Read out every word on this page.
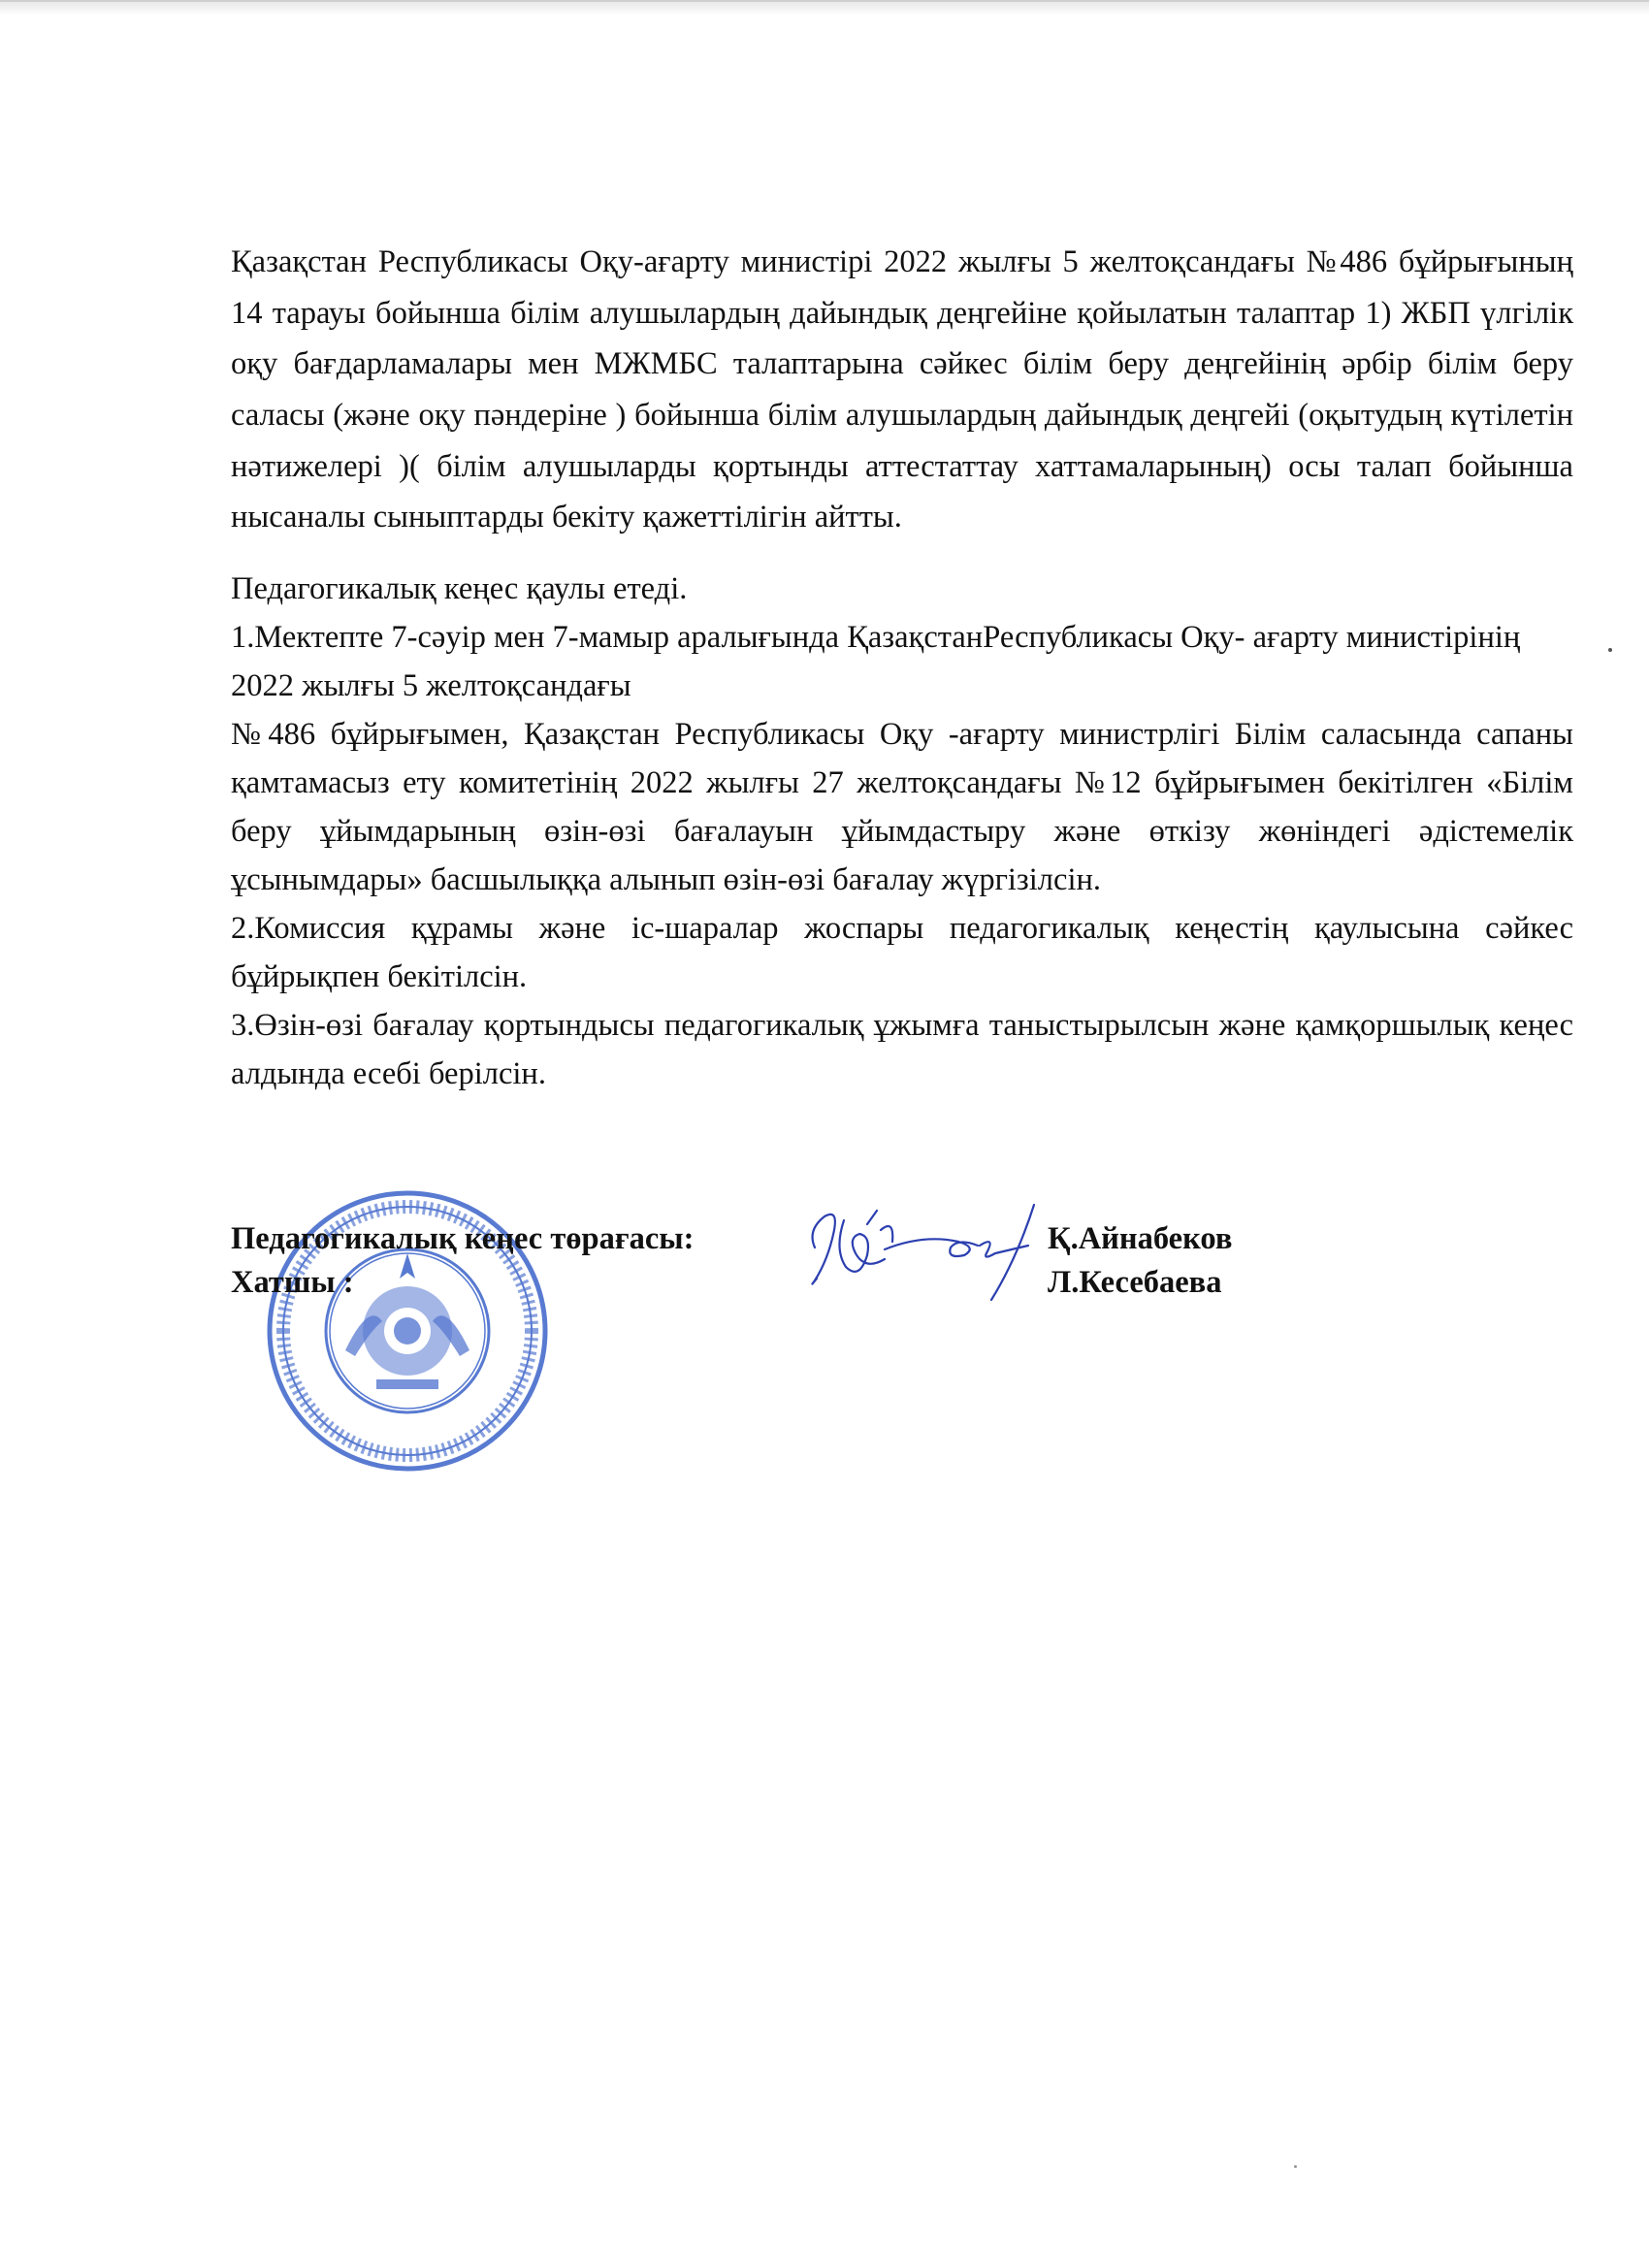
Қазақстан Республикасы Оқу-ағарту министірі 2022 жылғы 5 желтоқсандағы №486 бұйрығының 14 тарауы бойынша білім алушылардың дайындық деңгейіне қойылатын талаптар 1) ЖБП үлгілік оқу бағдарламалары мен МЖМБС талаптарына сәйкес білім беру деңгейінің әрбір білім беру саласы (және оқу пәндеріне ) бойынша білім алушылардың дайындық деңгейі (оқытудың күтілетін нәтижелері )( білім алушыларды қортынды аттестаттау хаттамаларының) осы талап бойынша нысаналы сыныптарды бекіту қажеттілігін айтты.

Педагогикалық кеңес қаулы етеді.

1.Мектепте 7-сәуір мен 7-мамыр аралығында ҚазақстанРеспубликасы Оқу- ағарту министірінің 2022 жылғы 5 желтоқсандағы

№486 бұйрығымен, Қазақстан Республикасы Оқу -ағарту министрлігі Білім саласында сапаны қамтамасыз ету комитетінің 2022 жылғы 27 желтоқсандағы №12 бұйрығымен бекітілген «Білім беру ұйымдарының өзін-өзі бағалауын ұйымдастыру және өткізу жөніндегі әдістемелік ұсынымдары» басшылыққа алынып өзін-өзі бағалау жүргізілсін.

2.Комиссия құрамы және іс-шаралар жоспары педагогикалық кеңестің қаулысына сәйкес бұйрықпен бекітілсін.

3.Өзін-өзі бағалау қортындысы педагогикалық ұжымға таныстырылсын және қамқоршылық кеңес алдында есебі берілсін.

Педагогикалық кеңес төрағасы:	Қ.Айнабеков
Хатшы :	Л.Кесебаева
